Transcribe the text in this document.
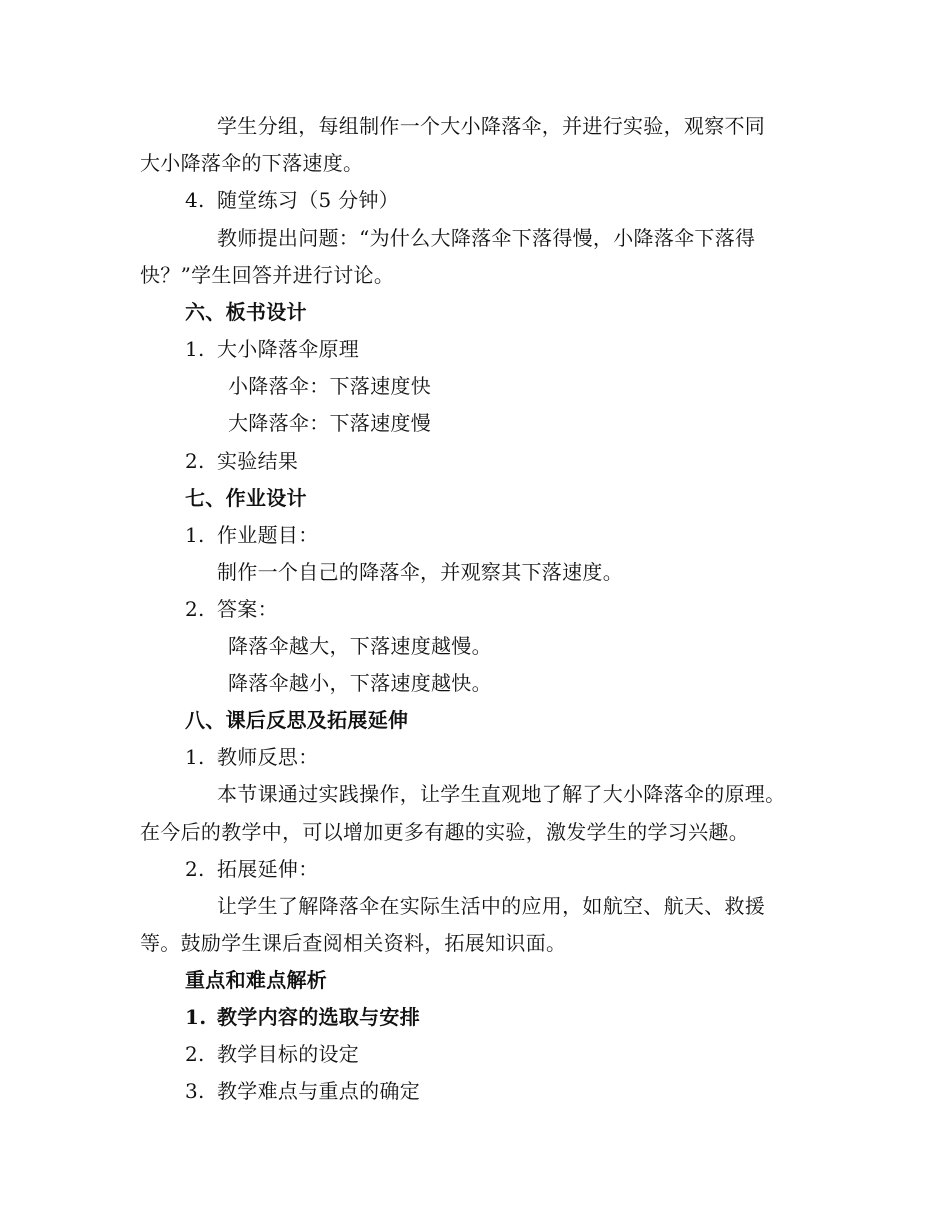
学生分组，每组制作一个大小降落伞，并进行实验，观察不同
大小降落伞的下落速度。
4. 随堂练习（5 分钟）
教师提出问题：“为什么大降落伞下落得慢，小降落伞下落得
快？”学生回答并进行讨论。
六、板书设计
1. 大小降落伞原理
小降落伞：下落速度快
大降落伞：下落速度慢
2. 实验结果
七、作业设计
1. 作业题目：
制作一个自己的降落伞，并观察其下落速度。
2. 答案：
降落伞越大，下落速度越慢。
降落伞越小，下落速度越快。
八、课后反思及拓展延伸
1. 教师反思：
本节课通过实践操作，让学生直观地了解了大小降落伞的原理。
在今后的教学中，可以增加更多有趣的实验，激发学生的学习兴趣。
2. 拓展延伸：
让学生了解降落伞在实际生活中的应用，如航空、航天、救援
等。鼓励学生课后查阅相关资料，拓展知识面。
重点和难点解析
1. 教学内容的选取与安排
2. 教学目标的设定
3. 教学难点与重点的确定
